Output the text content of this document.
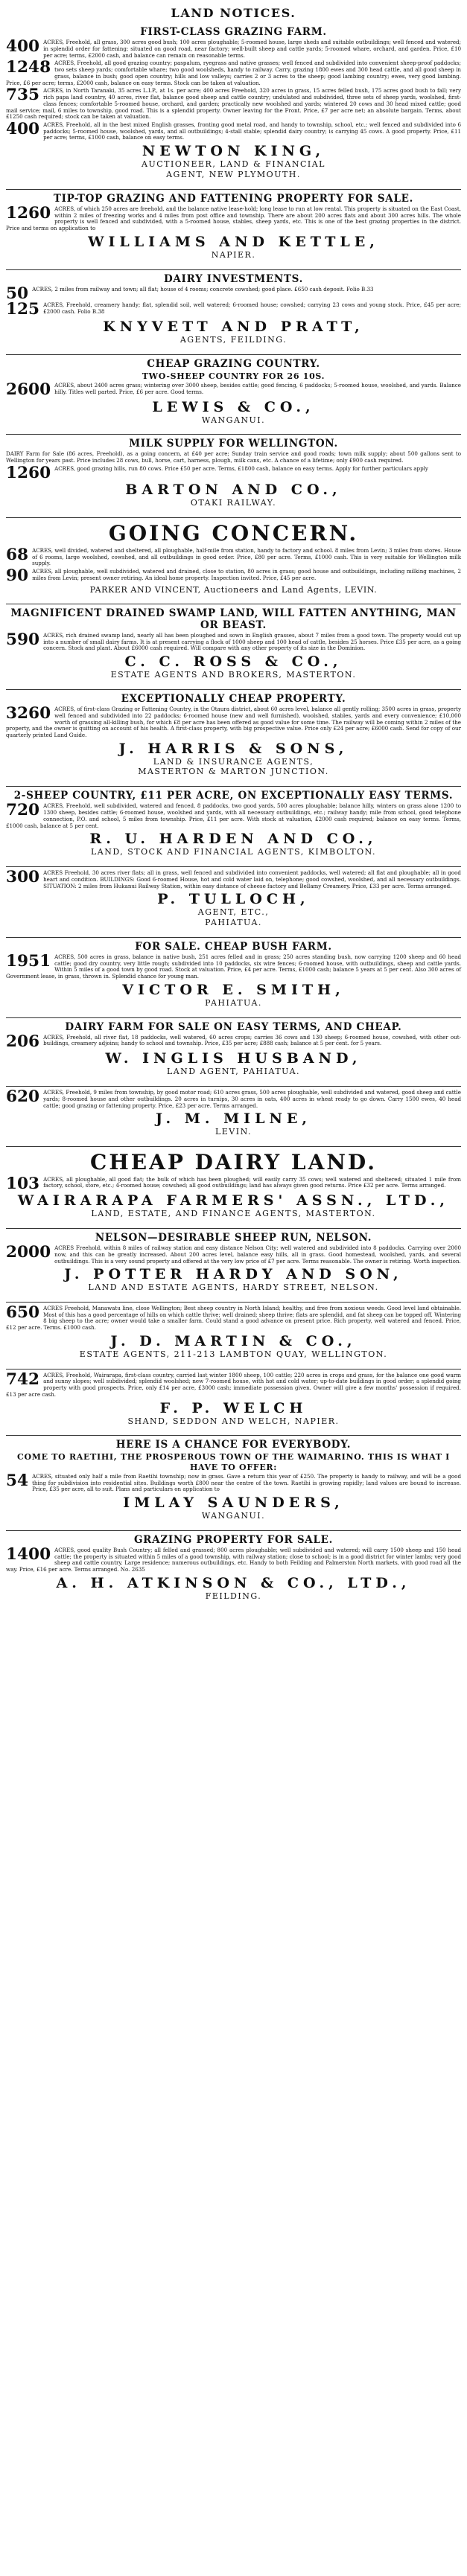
LAND NOTICES.
FIRST-CLASS GRAZING FARM.
400 ACRES, Freehold, all grass, 300 acres good bush; 100 acres ploughable; 5-roomed house, large sheds and suitable outbuildings; well fenced and watered; in splendid order for fattening; situated on good road, near factory; well-built sheep and cattle yards; 5-roomed whare, orchard, and garden. Price, £10 per acre; terms, £2000 cash, and balance can remain on reasonable terms.
1248 ACRES, Freehold, all good grazing country; paspalum, ryegrass and native grasses; well fenced and subdivided into convenient sheep-proof paddocks; two sets sheep yards; comfortable whare; two good woolsheds, handy to railway. Carry, grazing 1800 ewes and 300 head cattle, and all good sheep in grass, balance in bush; good open country; hills and low valleys; carries 2 or 3 acres to the sheep; good lambing country; ewes, very good lambing. Price, £6 per acre; terms, £2000 cash, balance on easy terms. Stock can be taken at valuation.
735 ACRES, in North Taranaki, 35 acres L.I.P., at 1s. per acre; 400 acres Freehold, 320 acres in grass, 15 acres felled bush, 175 acres good bush to fall; very rich papa land country, 40 acres, river flat, balance good sheep and cattle country; undulated and subdivided, three sets of sheep yards, woolshed, first-class fences; comfortable 5-roomed house, orchard, and garden; practically new woolshed and yards; wintered 20 cows and 30 head mixed cattle; good mail service; mail, 6 miles to township, good road. This is a splendid property. Owner leaving for the Front. Price, £7 per acre net; an absolute bargain. Terms, about £1250 cash required; stock can be taken at valuation.
400 ACRES, Freehold, all in the best mixed English grasses, fronting good metal road, and handy to township, school, etc.; well fenced and subdivided into 6 paddocks; 5-roomed house, woolshed, yards, and all outbuildings; 4-stall stable; splendid dairy country; is carrying 45 cows. A good property. Price, £11 per acre; terms, £1000 cash, balance on easy terms.
NEWTON KING,
AUCTIONEER, LAND & FINANCIAL
AGENT, NEW PLYMOUTH.
TIP-TOP GRAZING AND FATTENING PROPERTY FOR SALE.
1260 ACRES, of which 250 acres are freehold, and the balance native lease-hold; long lease to run at low rental. This property is situated on the East Coast, within 2 miles of freezing works and 4 miles from post office and township. There are about 200 acres flats and about 300 acres hills. The whole property is well fenced and subdivided, with a 5-roomed house, stables, sheep yards, etc. This is one of the best grazing properties in the district. Price and terms on application to
WILLIAMS AND KETTLE,
NAPIER.
DAIRY INVESTMENTS.
50 ACRES, 2 miles from railway and town; all flat; house of 4 rooms; concrete cowshed; good place. £650 cash deposit. Folio B.33
125 ACRES, Freehold, creamery handy; flat, splendid soil, well watered; 6-roomed house; cowshed; carrying 23 cows and young stock. Price, £45 per acre; £2000 cash. Folio B.38
KNYVETT AND PRATT,
AGENTS, FEILDING.
CHEAP GRAZING COUNTRY.
TWO-SHEEP COUNTRY FOR 26 10S.
2600 ACRES, about 2400 acres grass; wintering over 3000 sheep, besides cattle; good fencing, 6 paddocks; 5-roomed house, woolshed, and yards. Balance hilly. Titles well parted. Price, £6 per acre. Good terms.
LEWIS & CO.,
WANGANUI.
MILK SUPPLY FOR WELLINGTON.
DAIRY Farm for Sale (86 acres, Freehold), as a going concern, at £40 per acre; Sunday train service and good roads; town milk supply; about 500 gallons sent to Wellington for years past. Price includes 28 cows, bull, horse, cart, harness, plough, milk cans, etc. A chance of a lifetime; only £900 cash required.
1260 ACRES, good grazing hills, run 80 cows. Price £50 per acre. Terms, £1800 cash, balance on easy terms. Apply for further particulars apply
BARTON AND CO.,
OTAKI RAILWAY.
GOING CONCERN.
68 ACRES, well divided, watered and sheltered, all ploughable, half-mile from station, handy to factory and school. 8 miles from Levin; 3 miles from stores. House of 6 rooms, large woolshed, cowshed, and all outbuildings in good order. Price, £80 per acre. Terms, £1000 cash. This is very suitable for Wellington milk supply.
90 ACRES, all ploughable, well subdivided, watered and drained, close to station, 80 acres in grass; good house and outbuildings, including milking machines, 2 miles from Levin; present owner retiring. An ideal home property. Inspection invited. Price, £45 per acre.
PARKER AND VINCENT, Auctioneers and Land Agents, LEVIN.
MAGNIFICENT DRAINED SWAMP LAND, WILL FATTEN ANYTHING, MAN OR BEAST.
590 ACRES, rich drained swamp land, nearly all has been ploughed and sown in English grasses, about 7 miles from a good town. The property would cut up into a number of small dairy farms. It is at present carrying a flock of 1000 sheep and 100 head of cattle, besides 25 horses. Price £35 per acre, as a going concern. Stock and plant. About £6000 cash required. Will compare with any other property of its size in the Dominion.
C. C. ROSS & CO.,
ESTATE AGENTS AND BROKERS, MASTERTON.
EXCEPTIONALLY CHEAP PROPERTY.
3260 ACRES, of first-class Grazing or Fattening Country, in the Otaura district, about 60 acres level, balance all gently rolling; 3500 acres in grass, property well fenced and subdivided into 22 paddocks; 6-roomed house (new and well furnished), woolshed, stables, yards and every convenience; £10,000 worth of grassing all-killing bush, for which £8 per acre has been offered as good value for some time. The railway will be coming within 2 miles of the property, and the owner is quitting on account of his health. A first-class property, with big prospective value. Price only £24 per acre; £6000 cash. Send for copy of our quarterly printed Land Guide.
J. HARRIS & SONS,
LAND & INSURANCE AGENTS,
MASTERTON & MARTON JUNCTION.
2-SHEEP COUNTRY, £11 PER ACRE, ON EXCEPTIONALLY EASY TERMS.
720 ACRES, Freehold, well subdivided, watered and fenced, 8 paddocks, two good yards, 500 acres ploughable; balance hilly, winters on grass alone 1200 to 1300 sheep, besides cattle; 6-roomed house, woolshed and yards, with all necessary outbuildings, etc.; railway handy; mile from school, good telephone connection, P.O. and school, 5 miles from township. Price, £11 per acre. With stock at valuation, £2000 cash required; balance on easy terms. Terms, £1000 cash, balance at 5 per cent.
R. U. HARDEN AND CO.,
LAND, STOCK AND FINANCIAL AGENTS, KIMBOLTON.
300 ACRES Freehold, 30 acres river flats; all in grass, well fenced and subdivided into convenient paddocks, well watered; all flat and ploughable; all in good heart and condition. BUILDINGS: Good 6-roomed House, hot and cold water laid on, telephone; good cowshed, woolshed, and all necessary outbuildings. SITUATION: 2 miles from Hukanui Railway Station, within easy distance of cheese factory and Bellamy Creamery. Price, £33 per acre. Terms arranged.
P. TULLOCH,
AGENT, ETC.,
PAHIATUA.
FOR SALE. CHEAP BUSH FARM.
1951 ACRES, 500 acres in grass, balance in native bush, 251 acres felled and in grass; 250 acres standing bush, now carrying 1200 sheep and 60 head cattle; good dry country, very little rough; subdivided into 10 paddocks, six wire fences; 6-roomed house, with outbuildings, sheep and cattle yards. Within 5 miles of a good town by good road. Stock at valuation. Price, £4 per acre. Terms, £1000 cash; balance 5 years at 5 per cent. Also 300 acres of Government lease, in grass, thrown in. Splendid chance for young man.
VICTOR E. SMITH,
PAHIATUA.
DAIRY FARM FOR SALE ON EASY TERMS, AND CHEAP.
206 ACRES, Freehold, all river flat, 18 paddocks, well watered, 60 acres crops; carries 36 cows and 130 sheep; 6-roomed house, cowshed, with other out-buildings, creamery adjoins; handy to school and township. Price, £35 per acre; £888 cash; balance at 5 per cent. for 5 years.
W. INGLIS HUSBAND,
LAND AGENT, PAHIATUA.
620 ACRES, Freehold, 9 miles from township, by good motor road; 610 acres grass, 500 acres ploughable, well subdivided and watered, good sheep and cattle yards; 8-roomed house and other outbuildings. 20 acres in turnips, 30 acres in oats, 400 acres in wheat ready to go down. Carry 1500 ewes, 40 head cattle; good grazing or fattening property. Price, £23 per acre. Terms arranged.
J. M. MILNE,
LEVIN.
CHEAP DAIRY LAND.
103 ACRES, all ploughable, all good flat; the bulk of which has been ploughed; will easily carry 35 cows; well watered and sheltered; situated 1 mile from factory, school, store, etc.; 4-roomed house; cowshed; all good outbuildings; land has always given good returns. Price £32 per acre. Terms arranged.
WAIRARAPA FARMERS' ASSN., LTD.,
LAND, ESTATE, AND FINANCE AGENTS, MASTERTON.
NELSON—DESIRABLE SHEEP RUN, NELSON.
2000 ACRES Freehold, within 8 miles of railway station and easy distance Nelson City; well watered and subdivided into 8 paddocks. Carrying over 2000 now, and this can be greatly increased. About 200 acres level, balance easy hills, all in grass. Good homestead, woolshed, yards, and several outbuildings. This is a very sound property and offered at the very low price of £7 per acre. Terms reasonable. The owner is retiring. Worth inspection.
J. POTTER HARDY AND SON,
LAND AND ESTATE AGENTS, HARDY STREET, NELSON.
650 ACRES Freehold, Manawatu line, close Wellington; Best sheep country in North Island; healthy, and free from noxious weeds. Good level land obtainable. Most of this has a good percentage of hills on which cattle thrive; well drained; sheep thrive; flats are splendid, and fat sheep can be topped off. Wintering 8 big sheep to the acre; owner would take a smaller farm. Could stand a good advance on present price. Rich property, well watered and fenced. Price, £12 per acre. Terms. £1000 cash.
J. D. MARTIN & CO.,
ESTATE AGENTS, 211-213 LAMBTON QUAY, WELLINGTON.
742 ACRES, Freehold, Wairarapa, first-class country, carried last winter 1800 sheep, 100 cattle; 220 acres in crops and grass, for the balance one good warm and sunny slopes; well subdivided; splendid woolshed; new 7-roomed house, with hot and cold water; up-to-date buildings in good order; a splendid going property with good prospects. Price, only £14 per acre, £3000 cash; immediate possession given. Owner will give a few months' possession if required. £13 per acre cash.
F. P. WELCH
SHAND, SEDDON AND WELCH, NAPIER.
HERE IS A CHANCE FOR EVERYBODY.
COME TO RAETIHI, THE PROSPEROUS TOWN OF THE WAIMARINO. THIS IS WHAT I HAVE TO OFFER:
54 ACRES, situated only half a mile from Raetihi township; now in grass. Gave a return this year of £250. The property is handy to railway, and will be a good thing for subdivision into residential sites. Buildings worth £800 near the centre of the town. Raetihi is growing rapidly; land values are bound to increase. Price, £35 per acre, all to suit. Plans and particulars on application to
IMLAY SAUNDERS,
WANGANUI.
GRAZING PROPERTY FOR SALE.
1400 ACRES, good quality Bush Country; all felled and grassed; 800 acres ploughable; well subdivided and watered; will carry 1500 sheep and 150 head cattle; the property is situated within 5 miles of a good township, with railway station; close to school; is in a good district for winter lambs; very good sheep and cattle country. Large residence; numerous outbuildings, etc. Handy to both Feilding and Palmerston North markets, with good road all the way. Price, £16 per acre. Terms arranged. No. 2635
A. H. ATKINSON & CO., LTD.,
FEILDING.
